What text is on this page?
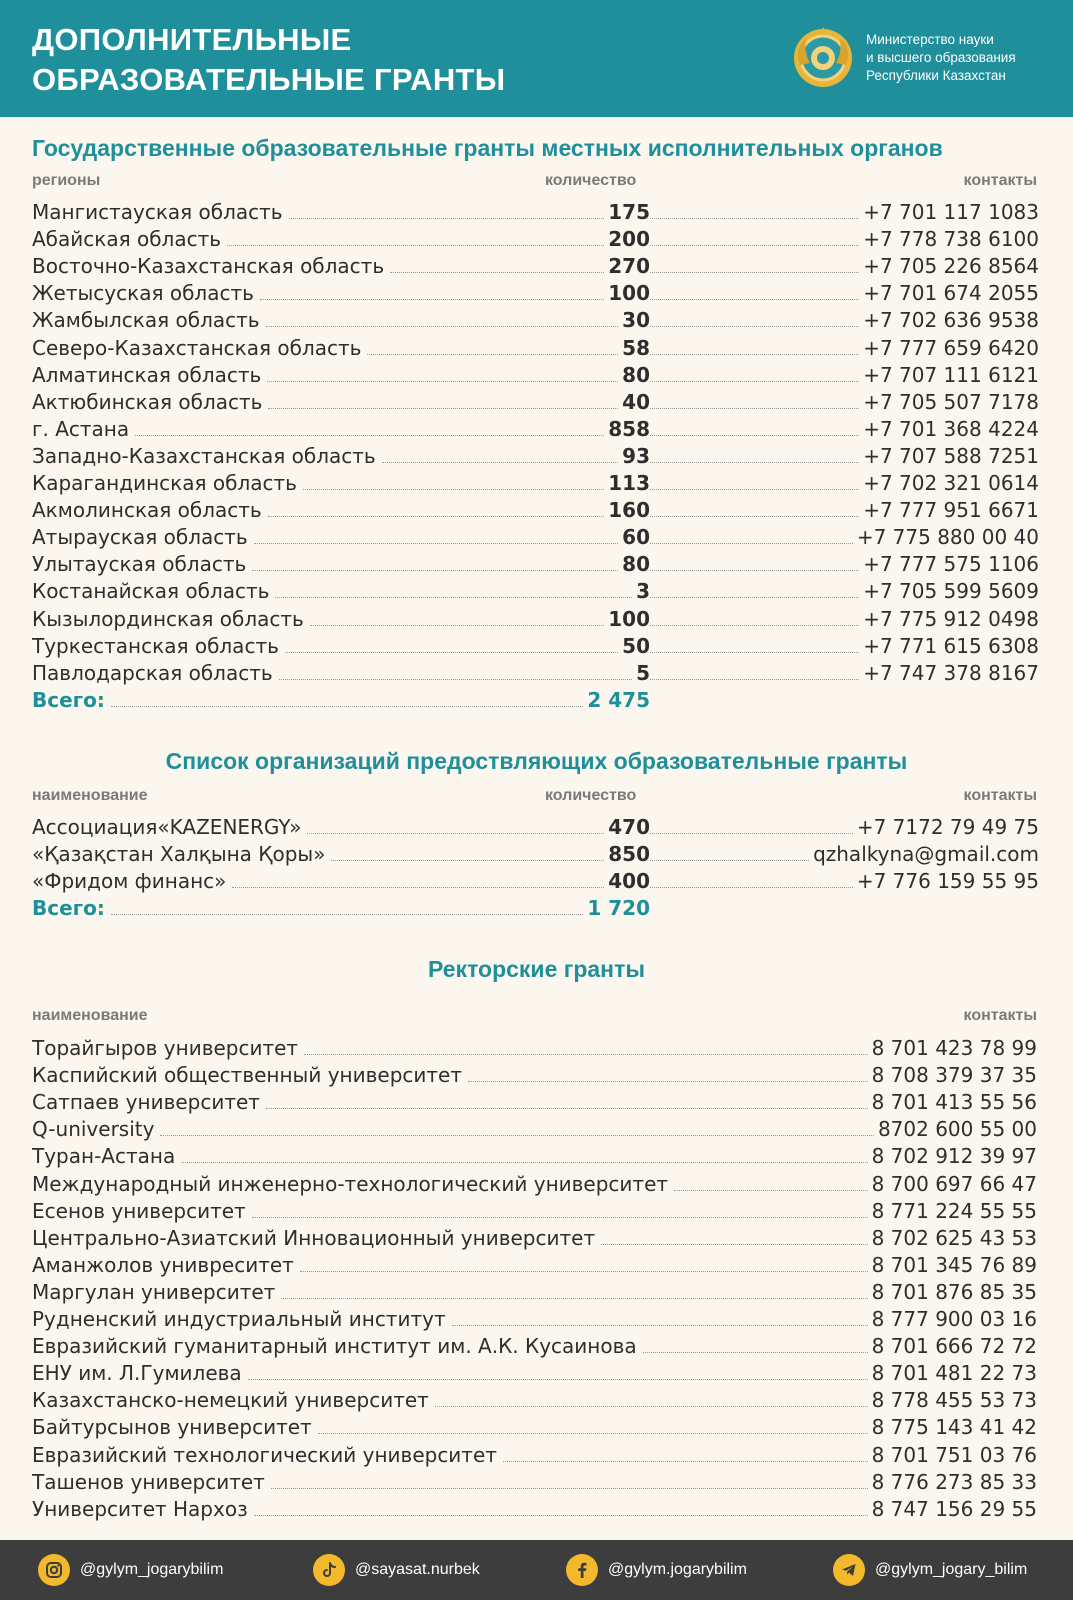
ДОПОЛНИТЕЛЬНЫЕ
ОБРАЗОВАТЕЛЬНЫЕ ГРАНТЫ
Министерство науки
и высшего образования
Республики Казахстан
Государственные образовательные гранты местных исполнительных органов
регионы	количество	контакты
Мангистауская область	175	+7 701 117 1083
Абайская область	200	+7 778 738 6100
Восточно-Казахстанская область	270	+7 705 226 8564
Жетысуская область	100	+7 701 674 2055
Жамбылская область	30	+7 702 636 9538
Северо-Казахстанская область	58	+7 777 659 6420
Алматинская область	80	+7 707 111 6121
Актюбинская область	40	+7 705 507 7178
г. Астана	858	+7 701 368 4224
Западно-Казахстанская область	93	+7 707 588 7251
Карагандинская область	113	+7 702 321 0614
Акмолинская область	160	+7 777 951 6671
Атырауская область	60	+7 775 880 00 40
Улытауская область	80	+7 777 575 1106
Костанайская область	3	+7 705 599 5609
Кызылординская область	100	+7 775 912 0498
Туркестанская область	50	+7 771 615 6308
Павлодарская область	5	+7 747 378 8167
Всего:	2 475
Список организаций предоствляющих образовательные гранты
наименование	количество	контакты
Ассоциация«KAZENERGY»	470	+7 7172 79 49 75
«Қазақстан Халқына Қоры»	850	qzhalkyna@gmail.com
«Фридом финанс»	400	+7 776 159 55 95
Всего:	1 720
Ректорские гранты
наименование	контакты
Торайгыров университет	8 701 423 78 99
Каспийский общественный университет	8 708 379 37 35
Сатпаев университет	8 701 413 55 56
Q-university	8702 600 55 00
Туран-Астана	8 702 912 39 97
Международный инженерно-технологический университет	8 700 697 66 47
Есенов университет	8 771 224 55 55
Центрально-Азиатский Инновационный университет	8 702 625 43 53
Аманжолов унивреситет	8 701 345 76 89
Маргулан университет	8 701 876 85 35
Рудненский индустриальный институт	8 777 900 03 16
Евразийский гуманитарный институт им. А.К. Кусаинова	8 701 666 72 72
ЕНУ им. Л.Гумилева	8 701 481 22 73
Казахстанско-немецкий университет	8 778 455 53 73
Байтурсынов университет	8 775 143 41 42
Евразийский технологический университет	8 701 751 03 76
Ташенов университет	8 776 273 85 33
Университет Нархоз	8 747 156 29 55
@gylym_jogarybilim	@sayasat.nurbek	@gylym.jogarybilim	@gylym_jogary_bilim
